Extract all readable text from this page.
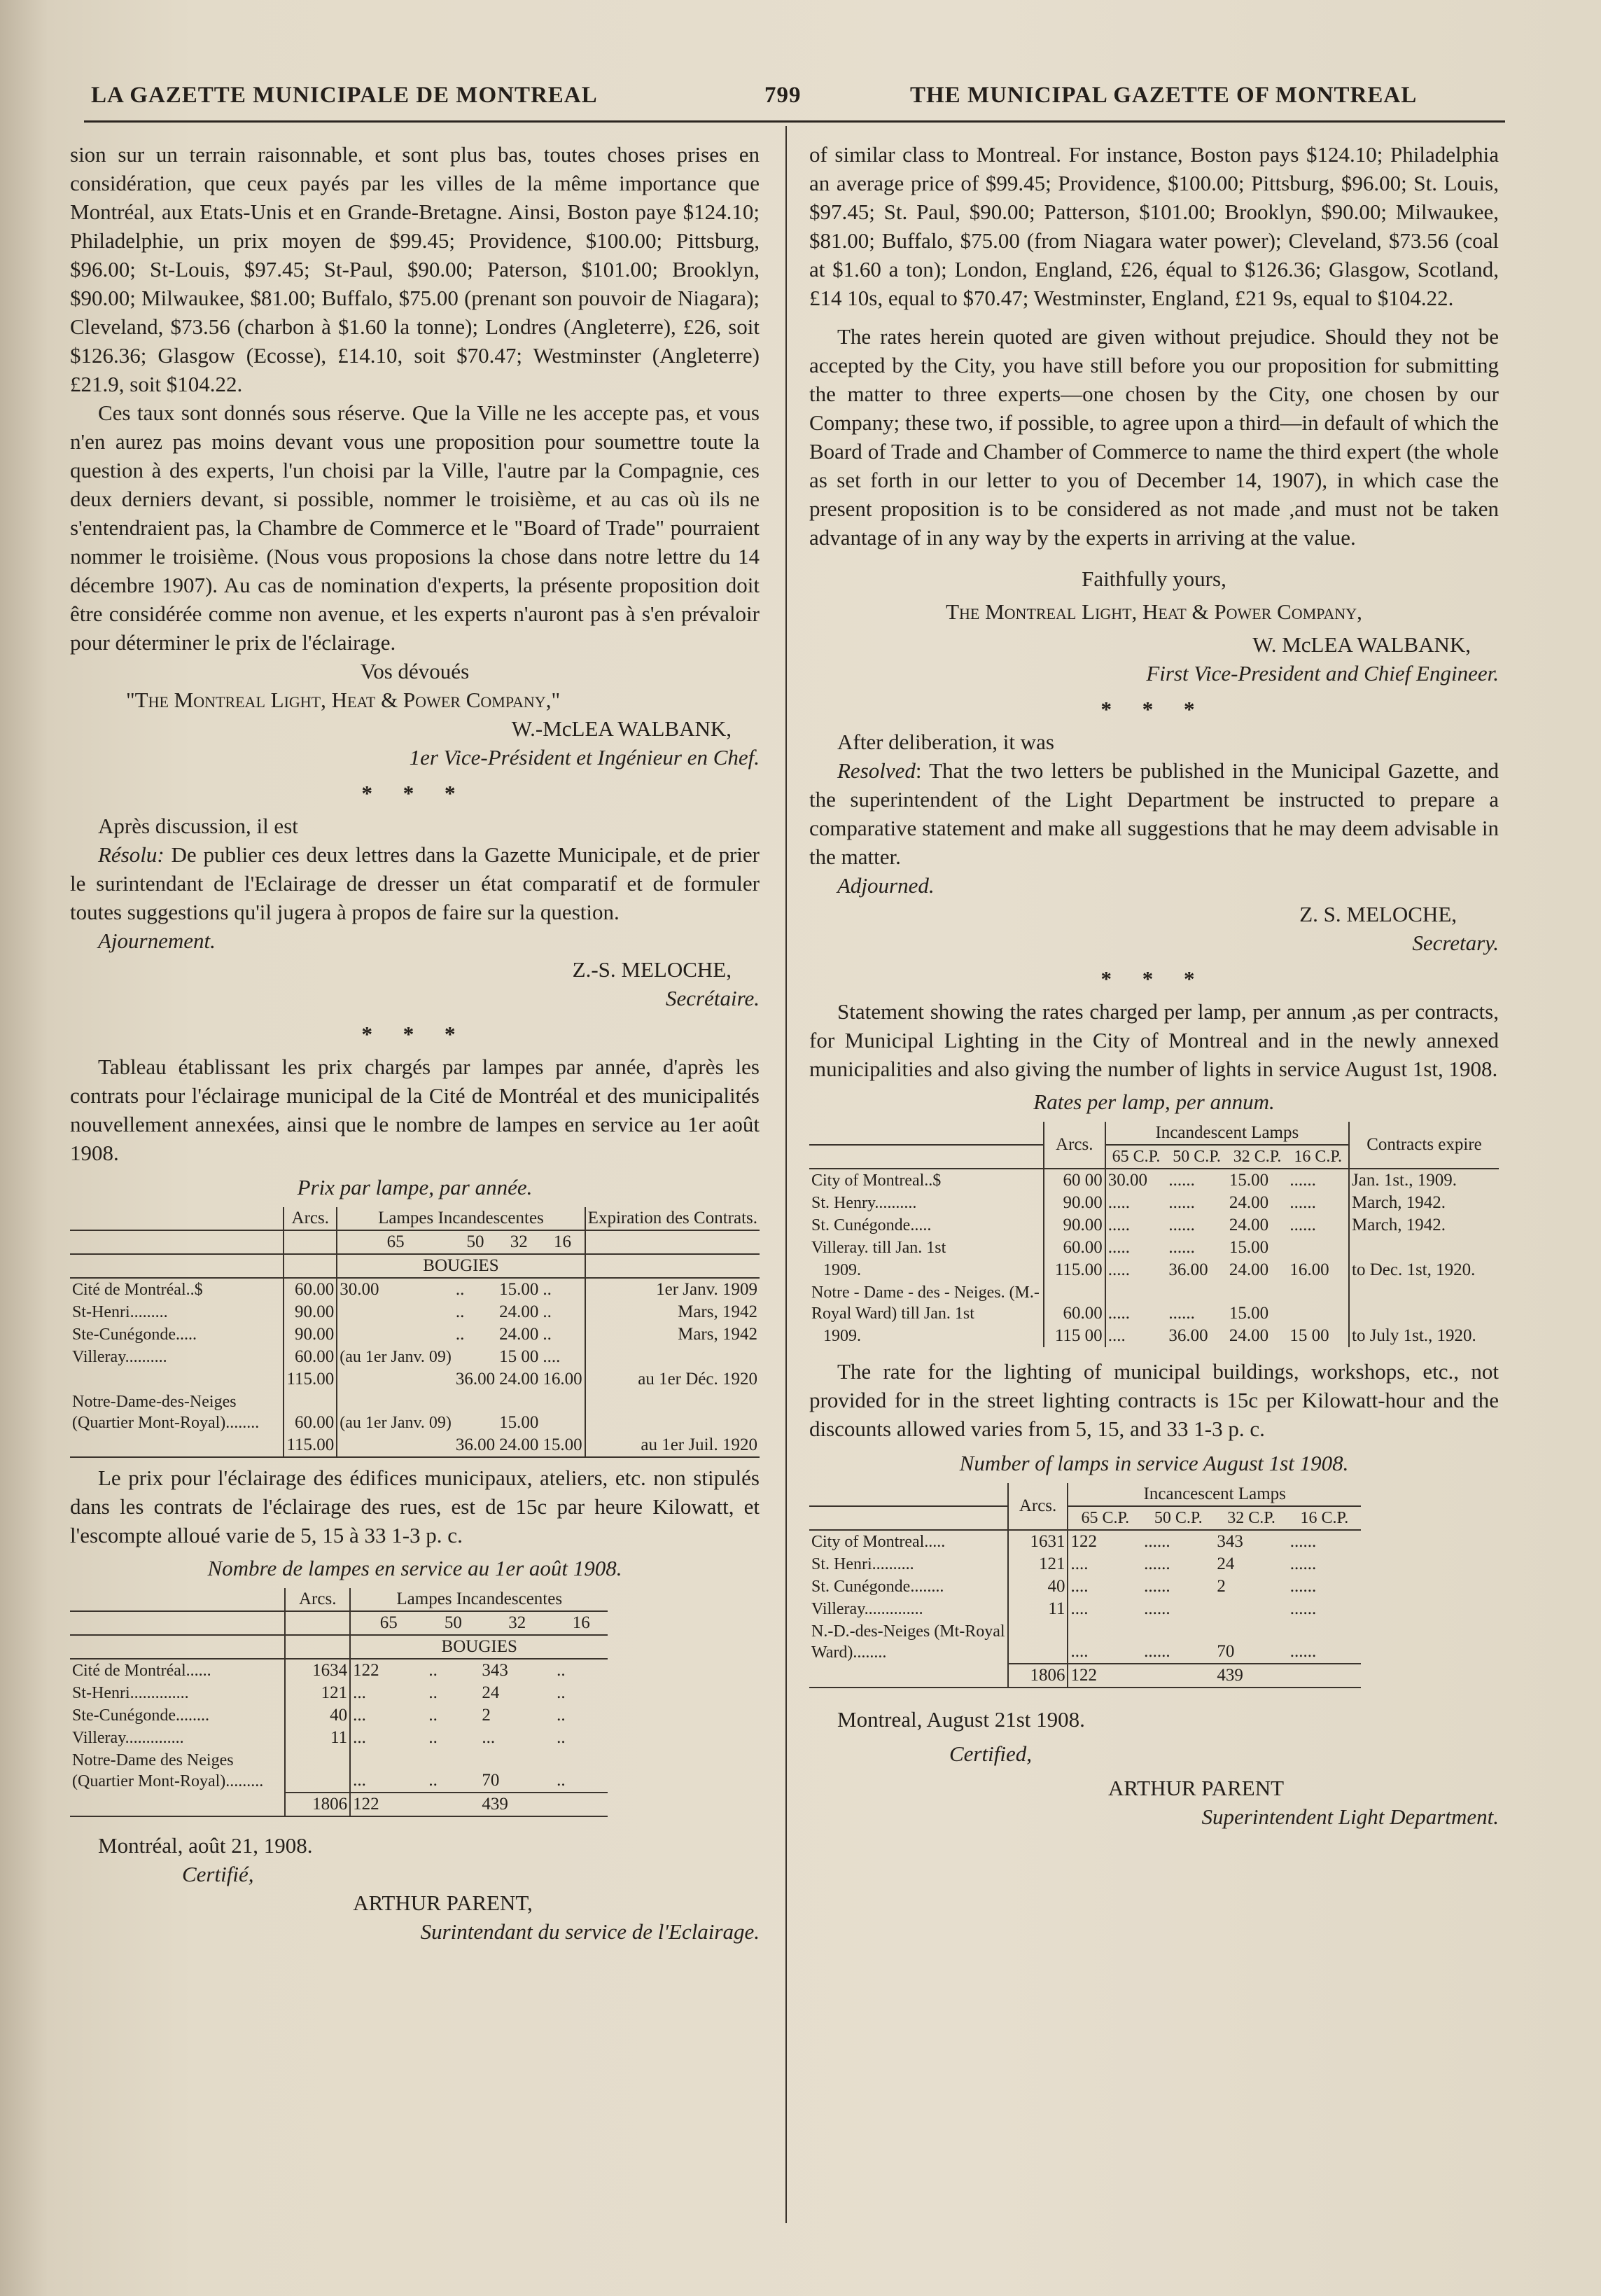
LA GAZETTE MUNICIPALE DE MONTREAL	799	THE MUNICIPAL GAZETTE OF MONTREAL

sion sur un terrain raisonnable, et sont plus bas, toutes choses prises en considération, que ceux payés par les villes de la même importance que Montréal, aux Etats-Unis et en Grande-Bretagne. Ainsi, Boston paye $124.10; Philadelphie, un prix moyen de $99.45; Providence, $100.00; Pittsburg, $96.00; St-Louis, $97.45; St-Paul, $90.00; Paterson, $101.00; Brooklyn, $90.00; Milwaukee, $81.00; Buffalo, $75.00 (prenant son pouvoir de Niagara); Cleveland, $73.56 (charbon à $1.60 la tonne); Londres (Angleterre), £26, soit $126.36; Glasgow (Ecosse), £14.10, soit $70.47; Westminster (Angleterre) £21.9, soit $104.22.

Ces taux sont donnés sous réserve. Que la Ville ne les accepte pas, et vous n'en aurez pas moins devant vous une proposition pour soumettre toute la question à des experts, l'un choisi par la Ville, l'autre par la Compagnie, ces deux derniers devant, si possible, nommer le troisième, et au cas où ils ne s'entendraient pas, la Chambre de Commerce et le "Board of Trade" pourraient nommer le troisième. (Nous vous proposions la chose dans notre lettre du 14 décembre 1907). Au cas de nomination d'experts, la présente proposition doit être considérée comme non avenue, et les experts n'auront pas à s'en prévaloir pour déterminer le prix de l'éclairage.

Vos dévoués

"The Montreal Light, Heat & Power Company,"

W.-McLEA WALBANK,

1er Vice-Président et Ingénieur en Chef.

* * *

Après discussion, il est

Résolu: De publier ces deux lettres dans la Gazette Municipale, et de prier le surintendant de l'Eclairage de dresser un état comparatif et de formuler toutes suggestions qu'il jugera à propos de faire sur la question.

Ajournement.

Z.-S. MELOCHE,

Secrétaire.

* * *

Tableau établissant les prix chargés par lampes par année, d'après les contrats pour l'éclairage municipal de la Cité de Montréal et des municipalités nouvellement annexées, ainsi que le nombre de lampes en service au 1er août 1908.

Prix par lampe, par année.

	Arcs.	Lampes Incandescentes				Expiration des Contrats.
		65	50	32	16	
		BOUGIES				
Cité de Montréal..$	60.00	30.00	..	15.00	..	1er Janv. 1909
St-Henri.........	90.00		..	24.00	..	Mars, 1942
Ste-Cunégonde.....	90.00		..	24.00	..	Mars, 1942
Villeray..........	60.00	(au 1er Janv. 09)		15 00	....	
	115.00		36.00	24.00	16.00	au 1er Déc. 1920
Notre-Dame-des-Neiges (Quartier Mont-Royal)........	60.00	(au 1er Janv. 09)		15.00		
	115.00		36.00	24.00	15.00	au 1er Juil. 1920

Le prix pour l'éclairage des édifices municipaux, ateliers, etc. non stipulés dans les contrats de l'éclairage des rues, est de 15c par heure Kilowatt, et l'escompte alloué varie de 5, 15 à 33 1-3 p. c.

Nombre de lampes en service au 1er août 1908.

	Arcs.	Lampes Incandescentes			
		65	50	32	16
		BOUGIES			
Cité de Montréal......	1634	122	..	343	..
St-Henri..............	121	...	..	24	..
Ste-Cunégonde........	40	...	..	2	..
Villeray..............	11	...	..	...	..
Notre-Dame des Neiges (Quartier Mont-Royal).........		...	..	70	..
	1806	122		439	

Montréal, août 21, 1908.

Certifié,

ARTHUR PARENT,

Surintendant du service de l'Eclairage.

of similar class to Montreal. For instance, Boston pays $124.10; Philadelphia an average price of $99.45; Providence, $100.00; Pittsburg, $96.00; St. Louis, $97.45; St. Paul, $90.00; Patterson, $101.00; Brooklyn, $90.00; Milwaukee, $81.00; Buffalo, $75.00 (from Niagara water power); Cleveland, $73.56 (coal at $1.60 a ton); London, England, £26, équal to $126.36; Glasgow, Scotland, £14 10s, equal to $70.47; Westminster, England, £21 9s, equal to $104.22.

The rates herein quoted are given without prejudice. Should they not be accepted by the City, you have still before you our proposition for submitting the matter to three experts—one chosen by the City, one chosen by our Company; these two, if possible, to agree upon a third—in default of which the Board of Trade and Chamber of Commerce to name the third expert (the whole as set forth in our letter to you of December 14, 1907), in which case the present proposition is to be considered as not made ,and must not be taken advantage of in any way by the experts in arriving at the value.

Faithfully yours,

The Montreal Light, Heat & Power Company,

W. McLEA WALBANK,

First Vice-President and Chief Engineer.

* * *

After deliberation, it was

Resolved: That the two letters be published in the Municipal Gazette, and the superintendent of the Light Department be instructed to prepare a comparative statement and make all suggestions that he may deem advisable in the matter.

Adjourned.

Z. S. MELOCHE,

Secretary.

* * *

Statement showing the rates charged per lamp, per annum ,as per contracts, for Municipal Lighting in the City of Montreal and in the newly annexed municipalities and also giving the number of lights in service August 1st, 1908.

Rates per lamp, per annum.

	Arcs.	Incandescent Lamps				Contracts expire
		65 C.P.	50 C.P.	32 C.P.	16 C.P.	
City of Montreal..$	60 00	30.00	......	15.00	......	Jan. 1st., 1909.
St. Henry..........	90.00	.....	......	24.00	......	March, 1942.
St. Cunégonde.....	90.00	.....	......	24.00	......	March, 1942.
Villeray. till Jan. 1st	60.00	.....	......	15.00		
1909.	115.00	.....	36.00	24.00	16.00	to Dec. 1st, 1920.
Notre - Dame - des - Neiges. (M.-Royal Ward) till Jan. 1st	60.00	.....	......	15.00		
1909.	115 00	....	36.00	24.00	15 00	to July 1st., 1920.

The rate for the lighting of municipal buildings, workshops, etc., not provided for in the street lighting contracts is 15c per Kilowatt-hour and the discounts allowed varies from 5, 15, and 33 1-3 p. c.

Number of lamps in service August 1st 1908.

	Arcs.	Incancescent Lamps			
		65 C.P.	50 C.P.	32 C.P.	16 C.P.
City of Montreal.....	1631	122	......	343	......
St. Henri..........	121	....	......	24	......
St. Cunégonde........	40	....	......	2	......
Villeray..............	11	....	......		......
N.-D.-des-Neiges (Mt-Royal Ward)........		....	......	70	......
	1806	122		439	

Montreal, August 21st 1908.

Certified,

ARTHUR PARENT

Superintendent Light Department.
